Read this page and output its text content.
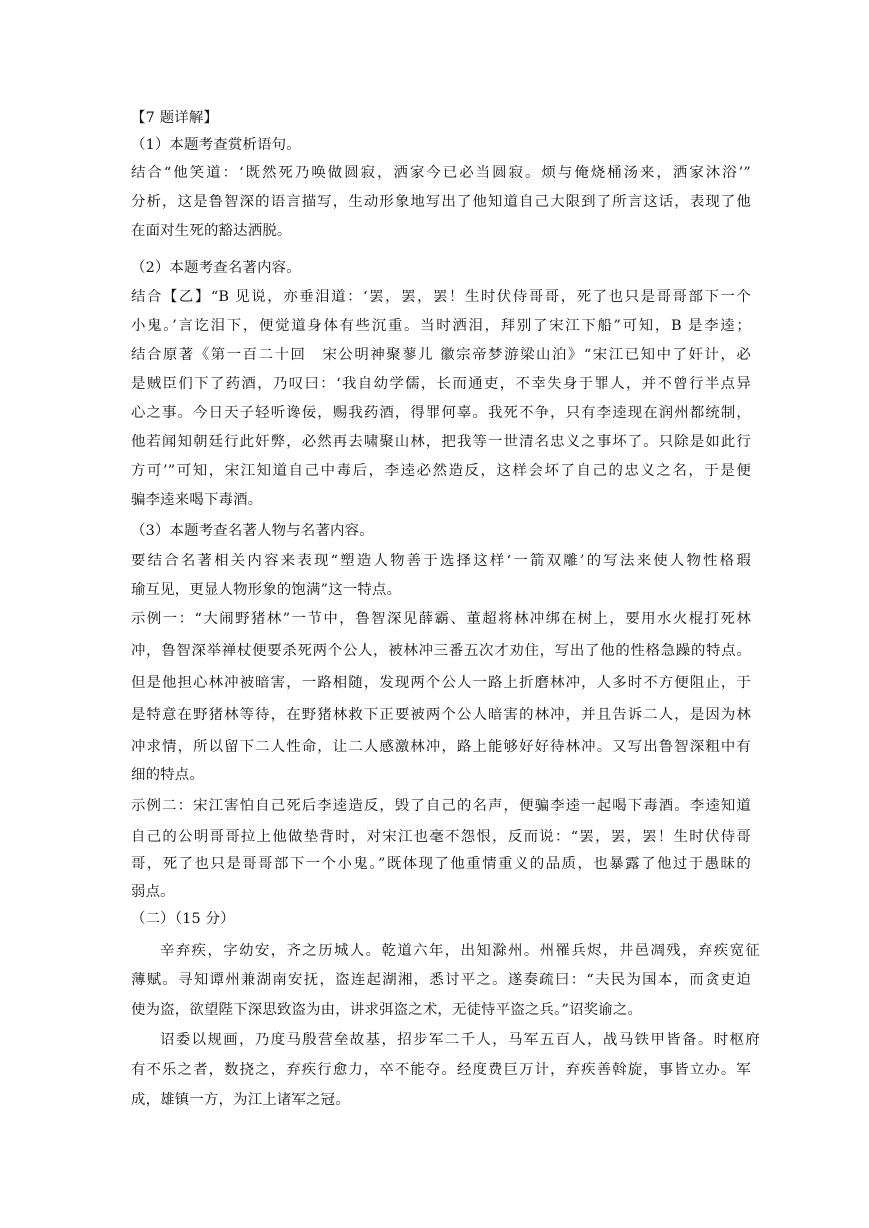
【7 题详解】
（1）本题考查赏析语句。
结合“他笑道：‘既然死乃唤做圆寂，洒家今已必当圆寂。烦与俺烧桶汤来，洒家沐浴’”
分析，这是鲁智深的语言描写，生动形象地写出了他知道自己大限到了所言这话，表现了他
在面对生死的豁达洒脱。
（2）本题考查名著内容。
结合【乙】“B 见说，亦垂泪道：‘罢，罢，罢！生时伏侍哥哥，死了也只是哥哥部下一个
小鬼。’言讫泪下，便觉道身体有些沉重。当时洒泪，拜别了宋江下船”可知，B 是李逵；
结合原著《第一百二十回　宋公明神聚蓼儿 徽宗帝梦游梁山泊》“宋江已知中了奸计，必
是贼臣们下了药酒，乃叹曰：‘我自幼学儒，长而通吏，不幸失身于罪人，并不曾行半点异
心之事。今日天子轻听谗佞，赐我药酒，得罪何辜。我死不争，只有李逵现在润州都统制，
他若闻知朝廷行此奸弊，必然再去啸聚山林，把我等一世清名忠义之事坏了。只除是如此行
方可’”可知，宋江知道自己中毒后，李逵必然造反，这样会坏了自己的忠义之名，于是便
骗李逵来喝下毒酒。
（3）本题考查名著人物与名著内容。
要结合名著相关内容来表现“塑造人物善于选择这样‘一箭双雕’的写法来使人物性格瑕
瑜互见，更显人物形象的饱满”这一特点。
示例一：“大闹野猪林”一节中，鲁智深见薛霸、董超将林冲绑在树上，要用水火棍打死林
冲，鲁智深举禅杖便要杀死两个公人，被林冲三番五次才劝住，写出了他的性格急躁的特点。
但是他担心林冲被暗害，一路相随，发现两个公人一路上折磨林冲，人多时不方便阻止，于
是特意在野猪林等待，在野猪林救下正要被两个公人暗害的林冲，并且告诉二人，是因为林
冲求情，所以留下二人性命，让二人感激林冲，路上能够好好待林冲。又写出鲁智深粗中有
细的特点。
示例二：宋江害怕自己死后李逵造反，毁了自己的名声，便骗李逵一起喝下毒酒。李逵知道
自己的公明哥哥拉上他做垫背时，对宋江也毫不怨恨，反而说：“罢，罢，罢！生时伏侍哥
哥，死了也只是哥哥部下一个小鬼。”既体现了他重情重义的品质，也暴露了他过于愚昧的
弱点。
（二）（15 分）
辛弃疾，字幼安，齐之历城人。乾道六年，出知滁州。州罹兵烬，井邑凋残，弃疾宽征
薄赋。寻知谭州兼湖南安抚，盗连起湖湘，悉讨平之。遂奏疏曰：“夫民为国本，而贪吏迫
使为盗，欲望陛下深思致盗为由，讲求弭盗之术，无徒恃平盗之兵。”诏奖谕之。
诏委以规画，乃度马殷营垒故基，招步军二千人，马军五百人，战马铁甲皆备。时枢府
有不乐之者，数挠之，弃疾行愈力，卒不能夺。经度费巨万计，弃疾善斡旋，事皆立办。军
成，雄镇一方，为江上诸军之冠。
